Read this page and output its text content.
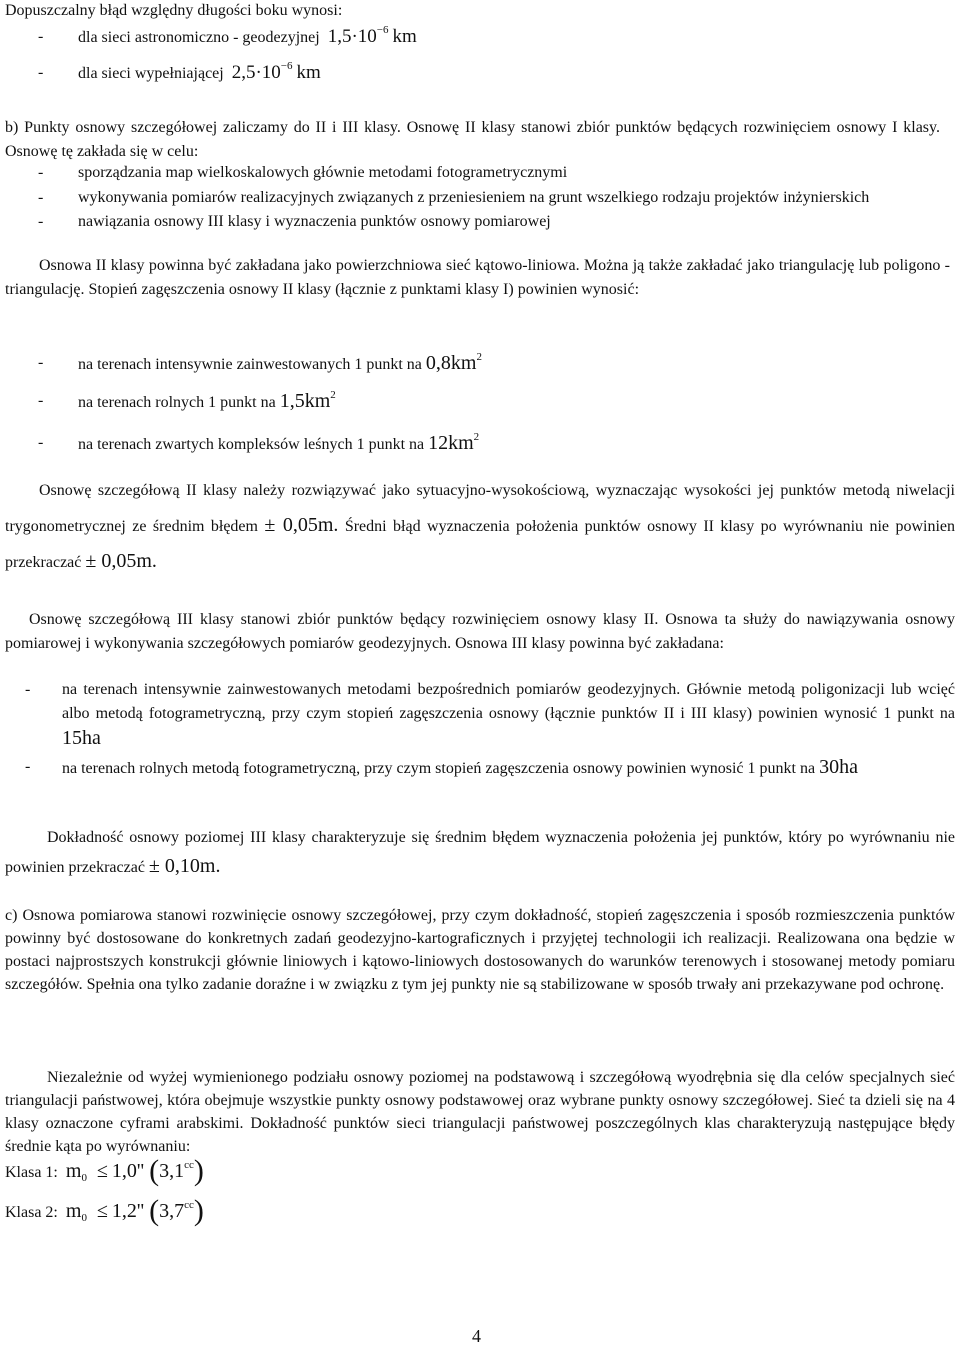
Dopuszczalny błąd względny długości boku wynosi:

- dla sieci astronomiczno - geodezyjnej $1,5\cdot 10^{-6}$ km

- dla sieci wypełniającej $2,5\cdot 10^{-6}$ km

b) Punkty osnowy szczegółowej zaliczamy do II i III klasy. Osnowę II klasy stanowi zbiór punktów będących rozwinięciem osnowy I klasy. Osnowę tę zakłada się w celu:

- sporządzania map wielkoskalowych głównie metodami fotogrametrycznymi
- wykonywania pomiarów realizacyjnych związanych z przeniesieniem na grunt wszelkiego rodzaju projektów inżynierskich
- nawiązania osnowy III klasy i wyznaczenia punktów osnowy pomiarowej

Osnowa II klasy powinna być zakładana jako powierzchniowa sieć kątowo-liniowa. Można ją także zakładać jako triangulację lub poligono -triangulację. Stopień zagęszczenia osnowy II klasy (łącznie z punktami klasy I) powinien wynosić:

- na terenach intensywnie zainwestowanych 1 punkt na $0,8km^2$
- na terenach rolnych 1 punkt na $1,5km^2$
- na terenach zwartych kompleksów leśnych 1 punkt na $12km^2$

Osnowę szczegółową II klasy należy rozwiązywać jako sytuacyjno-wysokościową, wyznaczając wysokości jej punktów metodą niwelacji trygonometrycznej ze średnim błędem ± 0,05m. Średni błąd wyznaczenia położenia punktów osnowy II klasy po wyrównaniu nie powinien przekraczać ± 0,05m.

Osnowę szczegółową III klasy stanowi zbiór punktów będący rozwinięciem osnowy klasy II. Osnowa ta służy do nawiązywania osnowy pomiarowej i wykonywania szczegółowych pomiarów geodezyjnych. Osnowa III klasy powinna być zakładana:

- na terenach intensywnie zainwestowanych metodami bezpośrednich pomiarów geodezyjnych. Głównie metodą poligonizacji lub wcięć albo metodą fotogrametryczną, przy czym stopień zagęszczenia osnowy (łącznie punktów II i III klasy) powinien wynosić 1 punkt na 15ha
- na terenach rolnych metodą fotogrametryczną, przy czym stopień zagęszczenia osnowy powinien wynosić 1 punkt na 30ha

Dokładność osnowy poziomej III klasy charakteryzuje się średnim błędem wyznaczenia położenia jej punktów, który po wyrównaniu nie powinien przekraczać ± 0,10m.

c) Osnowa pomiarowa stanowi rozwinięcie osnowy szczegółowej, przy czym dokładność, stopień zagęszczenia i sposób rozmieszczenia punktów powinny być dostosowane do konkretnych zadań geodezyjno-kartograficznych i przyjętej technologii ich realizacji. Realizowana ona będzie w postaci najprostszych konstrukcji głównie liniowych i kątowo-liniowych dostosowanych do warunków terenowych i stosowanej metody pomiaru szczegółów. Spełnia ona tylko zadanie doraźne i w związku z tym jej punkty nie są stabilizowane w sposób trwały ani przekazywane pod ochronę.

Niezależnie od wyżej wymienionego podziału osnowy poziomej na podstawową i szczegółową wyodrębnia się dla celów specjalnych sieć triangulacji państwowej, która obejmuje wszystkie punkty osnowy podstawowej oraz wybrane punkty osnowy szczegółowej. Sieć ta dzieli się na 4 klasy oznaczone cyframi arabskimi. Dokładność punktów sieci triangulacji państwowej poszczególnych klas charakteryzują następujące błędy średnie kąta po wyrównaniu:

Klasa 1: $m_0 \le 1,0''$ (3,1$^{cc}$)
Klasa 2: $m_0 \le 1,2''$ (3,7$^{cc}$)
4
